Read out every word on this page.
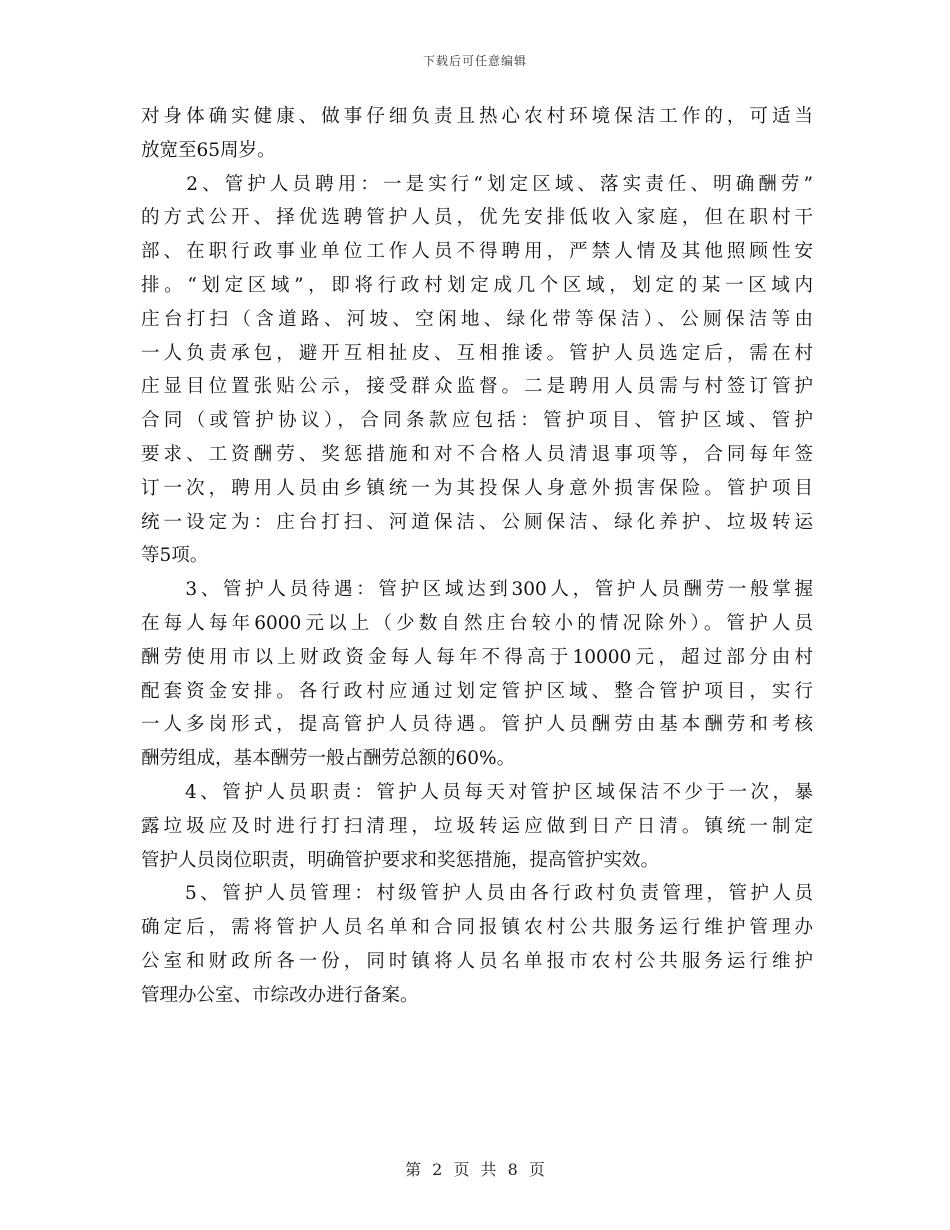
下载后可任意编辑
对身体确实健康、做事仔细负责且热心农村环境保洁工作的，可适当
放宽至65周岁。
　　2、管护人员聘用：一是实行“划定区域、落实责任、明确酬劳”
的方式公开、择优选聘管护人员，优先安排低收入家庭，但在职村干
部、在职行政事业单位工作人员不得聘用，严禁人情及其他照顾性安
排。“划定区域”，即将行政村划定成几个区域，划定的某一区域内
庄台打扫（含道路、河坡、空闲地、绿化带等保洁）、公厕保洁等由
一人负责承包，避开互相扯皮、互相推诿。管护人员选定后，需在村
庄显目位置张贴公示，接受群众监督。二是聘用人员需与村签订管护
合同（或管护协议），合同条款应包括：管护项目、管护区域、管护
要求、工资酬劳、奖惩措施和对不合格人员清退事项等，合同每年签
订一次，聘用人员由乡镇统一为其投保人身意外损害保险。管护项目
统一设定为：庄台打扫、河道保洁、公厕保洁、绿化养护、垃圾转运
等5项。
　　3、管护人员待遇：管护区域达到300人，管护人员酬劳一般掌握
在每人每年6000元以上（少数自然庄台较小的情况除外）。管护人员
酬劳使用市以上财政资金每人每年不得高于10000元，超过部分由村
配套资金安排。各行政村应通过划定管护区域、整合管护项目，实行
一人多岗形式，提高管护人员待遇。管护人员酬劳由基本酬劳和考核
酬劳组成，基本酬劳一般占酬劳总额的60%。
　　4、管护人员职责：管护人员每天对管护区域保洁不少于一次，暴
露垃圾应及时进行打扫清理，垃圾转运应做到日产日清。镇统一制定
管护人员岗位职责，明确管护要求和奖惩措施，提高管护实效。
　　5、管护人员管理：村级管护人员由各行政村负责管理，管护人员
确定后，需将管护人员名单和合同报镇农村公共服务运行维护管理办
公室和财政所各一份，同时镇将人员名单报市农村公共服务运行维护
管理办公室、市综改办进行备案。
第 2 页 共 8 页
